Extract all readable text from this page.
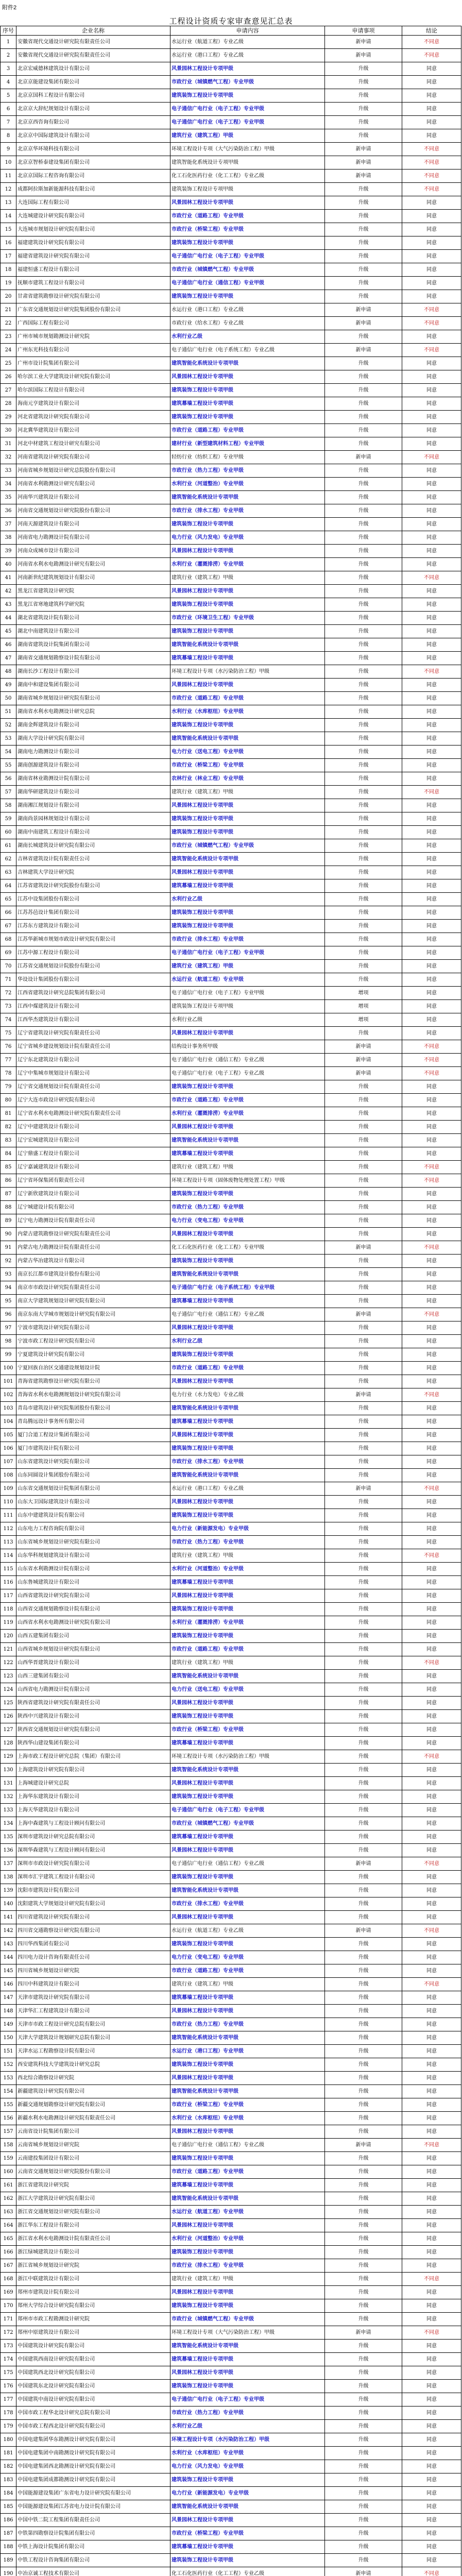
附件2
工程设计资质专家审查意见汇总表
序号	企业名称	申请内容	申请事项	结论
1	安徽省现代交通设计研究院有限责任公司	水运行业（航道工程）专业乙级	新申请	不同意
2	安徽省现代交通设计研究院有限责任公司	水运行业（港口工程）专业乙级	新申请	不同意
3	北京宏威德林建筑设计有限公司	风景园林工程设计专项甲级	升级	同意
4	北京京能建设集团有限公司	市政行业（城镇燃气工程）专业甲级	升级	同意
5	北京京国科工程设计有限公司	建筑装饰工程设计专项甲级	升级	同意
6	北京京大辞纪规划设计有限公司	电子通信广电行业（电子工程）专业甲级	升级	同意
7	北京京西咨询有限公司	电子通信广电行业（电子工程）专业甲级	升级	同意
8	北京京中国际建筑设计有限公司	建筑行业（建筑工程）甲级	升级	同意
9	北京京华环境科技有限公司	环境工程设计专项（大气污染防治工程）甲级	新申请	不同意
10	北京京智桥泰建设集团有限公司	建筑智能化系统设计专项甲级	新申请	不同意
11	北京京国际工程咨询有限公司	化工石化医药行业（化工工程）专业乙级	新申请	不同意
12	成都阿拉斯加新能源科技有限公司	建筑装饰工程设计专项甲级	升级	不同意
13	大连国际工程有限公司	风景园林工程设计专项甲级	升级	同意
14	大连城建设计研究院有限公司	市政行业（道路工程）专业甲级	升级	同意
15	大连城市规划设计研究院有限公司	市政行业（桥梁工程）专业甲级	升级	同意
16	福建建筑设计研究院有限公司	建筑装饰工程设计专项甲级	升级	同意
17	福建省建筑设计研究院有限公司	电子通信广电行业（电子工程）专业甲级	升级	同意
18	福建恒盛工程设计有限公司	市政行业（城镇燃气工程）专业甲级	升级	同意
19	抚顺市建筑工程设计有限公司	电子通信广电行业（通信工程）专业甲级	升级	同意
20	甘肃省建筑勘察设计研究院有限公司	建筑装饰工程设计专项甲级	升级	同意
21	广东省交通规划设计研究院集团股份有限公司	水运行业（港口工程）专业乙级	新申请	不同意
22	广西国际工程有限公司	市政行业（给水工程）专业乙级	新申请	不同意
23	广州市城市规划勘测设计研究院	水利行业乙级	升级	同意
24	广州东光科技有限公司	电子通信广电行业（电子系统工程）专业乙级	新申请	不同意
25	广州市设计院集团有限公司	建筑智能化系统设计专项甲级	升级	同意
26	哈尔滨工业大学建筑设计研究院有限公司	风景园林工程设计专项甲级	升级	同意
27	哈尔滨国际工程设计有限公司	建筑装饰工程设计专项甲级	升级	同意
28	海南元亨建筑设计有限公司	建筑幕墙工程设计专项甲级	升级	同意
29	河北省建筑设计研究院有限公司	建筑装饰工程设计专项甲级	升级	同意
30	河北冀华建筑设计有限公司	市政行业（道路工程）专业甲级	升级	同意
31	河北中材建筑工程设计研究有限公司	建材行业（新型建筑材料工程）专业甲级	升级	同意
32	河南省建筑设计研究院有限公司	轻纺行业（纺织工程）专业甲级	新申请	不同意
33	河南省城乡规划设计研究总院股份有限公司	市政行业（热力工程）专业甲级	升级	同意
34	河南省水利勘测设计研究有限公司	水利行业（河道整治）专业甲级	升级	同意
35	河南华兴建筑设计有限公司	建筑智能化系统设计专项甲级	升级	同意
36	河南省交通规划设计研究院股份有限公司	市政行业（排水工程）专业甲级	升级	同意
37	河南天源建筑设计有限公司	建筑装饰工程设计专项甲级	升级	同意
38	河南省电力勘测设计院有限公司	电力行业（风力发电）专业甲级	升级	同意
39	河南众成城市设计有限公司	风景园林工程设计专项甲级	升级	同意
40	河南省水利水电勘测设计研究有限公司	水利行业（灌溉排涝）专业甲级	升级	同意
41	河南新世纪建筑规划设计有限公司	建筑行业（建筑工程）甲级	升级	不同意
42	黑龙江省建筑设计研究院	风景园林工程设计专项甲级	升级	同意
43	黑龙江省寒地建筑科学研究院	建筑装饰工程设计专项甲级	升级	同意
44	湖北省建筑设计院有限公司	市政行业（环境卫生工程）专业甲级	升级	同意
45	湖北中南建筑设计有限公司	建筑装饰工程设计专项甲级	升级	同意
46	湖南省建筑设计院集团有限公司	建筑智能化系统设计专项甲级	升级	同意
47	湖南省交通规划勘察设计院有限公司	建筑幕墙工程设计专项甲级	升级	同意
48	湖南长沙工程设计有限公司	环境工程设计专项（水污染防治工程）甲级	升级	不同意
49	湖南中和建设集团有限公司	风景园林工程设计专项甲级	升级	同意
50	湖南省城乡规划设计研究院有限公司	市政行业（道路工程）专业甲级	升级	同意
51	湖南省水利水电勘测设计研究总院	水利行业（水库枢纽）专业甲级	升级	同意
52	湖南金辉建筑设计有限公司	建筑装饰工程设计专项甲级	升级	同意
53	湖南大学设计研究院有限公司	建筑智能化系统设计专项甲级	升级	同意
54	湖南电力勘测设计有限公司	电力行业（送电工程）专业甲级	升级	同意
55	湖南创源建筑设计有限公司	市政行业（桥梁工程）专业甲级	升级	同意
56	湖南省林业勘测设计院有限公司	农林行业（林业工程）专业甲级	升级	同意
57	湖南华研建筑设计有限公司	建筑行业（建筑工程）甲级	升级	不同意
58	湖南湘江规划设计有限公司	风景园林工程设计专项甲级	升级	同意
59	湖南尚景园林规划设计有限公司	建筑装饰工程设计专项甲级	升级	同意
60	湖南中南建筑工程设计有限公司	建筑装饰工程设计专项甲级	升级	同意
61	湖南长城建筑设计研究院有限公司	市政行业（城镇燃气工程）专业甲级	升级	同意
62	吉林省建筑设计院有限责任公司	建筑智能化系统设计专项甲级	升级	同意
63	吉林建筑大学设计研究院	风景园林工程设计专项甲级	升级	同意
64	江苏省建筑设计研究院股份有限公司	建筑幕墙工程设计专项甲级	升级	同意
65	江苏中设集团股份有限公司	水利行业乙级	升级	同意
66	江苏苏邑设计集团有限公司	建筑装饰工程设计专项甲级	升级	同意
67	江苏东方建筑设计有限公司	建筑装饰工程设计专项甲级	升级	同意
68	江苏华新城市规划市政设计研究院有限公司	市政行业（排水工程）专业甲级	升级	同意
69	江苏中源工程设计有限公司	电子通信广电行业（电子工程）专业甲级	升级	同意
70	江苏省交通规划设计院股份有限公司	建筑行业（建筑工程）甲级	升级	同意
71	华设设计集团股份有限公司	水运行业（航道工程）专业甲级	升级	同意
72	江西省建筑设计研究总院集团有限公司	电子通信广电行业（电子工程）专业甲级	增项	同意
73	江西中煤建筑设计有限公司	建筑装饰工程设计专项甲级	增项	同意
74	江西华杰建筑设计有限公司	水利行业乙级	增项	同意
75	辽宁省建筑设计研究院有限责任公司	风景园林工程设计专项甲级	升级	同意
76	辽宁省城乡建设规划设计院有限责任公司	结构设计事务所甲级	新申请	不同意
77	辽宁东北建筑设计有限公司	电子通信广电行业（通信工程）专业乙级	新申请	不同意
78	辽宁中集城市规划设计有限公司	电子通信广电行业（电子工程）专业乙级	新申请	不同意
79	辽宁省交通规划设计院有限责任公司	建筑装饰工程设计专项甲级	升级	同意
80	辽宁大连市政设计研究院有限公司	市政行业（道路工程）专业甲级	升级	同意
81	辽宁省水利水电勘测设计研究院有限责任公司	水利行业（灌溉排涝）专业甲级	升级	同意
82	辽宁中建建筑设计有限公司	风景园林工程设计专项甲级	升级	同意
83	辽宁宏城建筑设计有限公司	建筑智能化系统设计专项甲级	升级	同意
84	辽宁鼎盛工程设计有限公司	建筑幕墙工程设计专项甲级	升级	同意
85	辽宁嘉诚建筑设计有限公司	建筑行业（建筑工程）甲级	升级	不同意
86	辽宁省环保集团有限责任公司	环境工程设计专项（固体废物处理处置工程）甲级	升级	不同意
87	辽宁新欣建筑设计有限公司	建筑装饰工程设计专项甲级	升级	同意
88	辽宁城建设计院有限公司	市政行业（热力工程）专业甲级	升级	同意
89	辽宁电力勘测设计院有限责任公司	电力行业（变电工程）专业甲级	升级	同意
90	内蒙古建筑勘察设计研究院有限责任公司	风景园林工程设计专项甲级	升级	同意
91	内蒙古电力勘测设计院有限责任公司	化工石化医药行业（化工工程）专业甲级	新申请	不同意
92	内蒙古华冶建筑设计有限公司	建筑装饰工程设计专项甲级	升级	同意
93	南京长江都市建筑设计股份有限公司	建筑智能化系统设计专项甲级	升级	同意
94	南京市市政设计研究院有限责任公司	电子通信广电行业（电子系统工程）专业甲级	升级	同意
95	南京大学建筑规划设计研究院有限公司	建筑幕墙工程设计专项甲级	升级	同意
96	南京东南大学城市规划设计研究院有限公司	电子通信广电行业（通信工程）专业乙级	新申请	不同意
97	宁波市建筑设计研究院有限公司	风景园林工程设计专项甲级	升级	同意
98	宁波市政工程设计研究院有限公司	水利行业乙级	升级	同意
99	宁夏建筑设计研究院有限公司	建筑装饰工程设计专项甲级	升级	同意
100	宁夏回族自治区交通建设规划设计院	市政行业（道路工程）专业甲级	升级	同意
101	青海省建筑勘察设计研究院有限公司	风景园林工程设计专项甲级	升级	同意
102	青海省水利水电勘测规划设计研究院有限公司	电力行业（水力发电）专业乙级	新申请	不同意
103	青岛市建筑设计研究院集团股份有限公司	建筑智能化系统设计专项甲级	升级	同意
104	青岛腾远设计事务所有限公司	建筑幕墙工程设计专项甲级	升级	同意
105	厦门合道工程设计集团有限公司	风景园林工程设计专项甲级	升级	同意
106	厦门市建筑设计院有限公司	建筑装饰工程设计专项甲级	升级	同意
107	山东省建筑设计研究院有限公司	市政行业（排水工程）专业甲级	升级	同意
108	山东同圆设计集团股份有限公司	建筑智能化系统设计专项甲级	升级	同意
109	山东省交通规划设计院集团有限公司	水运行业（港口工程）专业乙级	新申请	不同意
110	山东大卫国际建筑设计有限公司	风景园林工程设计专项甲级	升级	同意
111	山东中建建筑设计院有限公司	建筑装饰工程设计专项甲级	升级	同意
112	山东电力工程咨询院有限公司	电力行业（新能源发电）专业甲级	升级	同意
113	山东省城乡规划设计研究院有限公司	市政行业（热力工程）专业甲级	升级	同意
114	山东华科规划建筑设计有限公司	建筑行业（建筑工程）甲级	升级	不同意
115	山东省水利勘测设计院有限公司	水利行业（河道整治）专业甲级	升级	同意
116	山东鲁城建筑设计有限公司	建筑幕墙工程设计专项甲级	升级	同意
117	山西省建筑设计研究院有限公司	风景园林工程设计专项甲级	升级	同意
118	山西省交通规划勘察设计院有限公司	建筑装饰工程设计专项甲级	升级	同意
119	山西省水利水电勘测设计研究院有限公司	水利行业（灌溉排涝）专业甲级	升级	同意
120	山西五建集团有限公司	建筑装饰工程设计专项甲级	升级	同意
121	山西省城乡规划设计研究院有限公司	市政行业（道路工程）专业甲级	升级	同意
122	山西华晋建筑设计有限公司	建筑行业（建筑工程）甲级	升级	不同意
123	山西三建集团有限公司	建筑智能化系统设计专项甲级	升级	同意
124	山西省电力勘测设计院有限公司	电力行业（送电工程）专业甲级	升级	同意
125	陕西省建筑设计研究院有限责任公司	风景园林工程设计专项甲级	升级	同意
126	陕西中兴建筑设计有限公司	建筑装饰工程设计专项甲级	升级	同意
127	陕西省交通规划设计研究院有限公司	市政行业（桥梁工程）专业甲级	升级	同意
128	陕西华山建设集团有限公司	建筑幕墙工程设计专项甲级	升级	同意
129	上海市政工程设计研究总院（集团）有限公司	环境工程设计专项（水污染防治工程）甲级	升级	不同意
130	上海建筑设计研究院有限公司	建筑智能化系统设计专项甲级	升级	同意
131	上海城建设计研究总院	风景园林工程设计专项甲级	升级	同意
132	上海华东建筑设计有限公司	建筑装饰工程设计专项甲级	升级	同意
133	上海天华建筑设计有限公司	电子通信广电行业（电子工程）专业甲级	升级	同意
134	上海中森建筑与工程设计顾问有限公司	市政行业（城镇燃气工程）专业甲级	升级	同意
135	深圳市建筑设计研究总院有限公司	建筑幕墙工程设计专项甲级	升级	同意
136	深圳华森建筑与工程设计顾问有限公司	风景园林工程设计专项甲级	升级	同意
137	深圳市市政设计研究院有限公司	电子通信广电行业（通信工程）专业乙级	新申请	不同意
138	深圳市汇宇建筑工程设计有限公司	建筑装饰工程设计专项甲级	升级	同意
139	沈阳市建筑设计院有限公司	建筑智能化系统设计专项甲级	升级	同意
140	沈阳建筑大学规划设计研究院有限公司	市政行业（排水工程）专业甲级	升级	同意
141	四川省建筑设计研究院有限公司	风景园林工程设计专项甲级	升级	同意
142	四川省交通勘察设计研究院有限公司	水运行业（航道工程）专业乙级	新申请	不同意
143	四川华西集团有限公司	建筑装饰工程设计专项甲级	升级	同意
144	四川电力设计咨询有限责任公司	电力行业（变电工程）专业甲级	升级	同意
145	四川省城乡规划设计研究院	市政行业（道路工程）专业甲级	升级	同意
146	四川中科建筑设计有限公司	建筑行业（建筑工程）甲级	升级	不同意
147	天津市建筑设计研究院有限公司	建筑幕墙工程设计专项甲级	升级	同意
148	天津华汇工程建筑设计有限公司	风景园林工程设计专项甲级	升级	同意
149	天津市市政工程设计研究总院有限公司	市政行业（热力工程）专业甲级	升级	同意
150	天津大学建筑设计规划研究总院有限公司	建筑智能化系统设计专项甲级	升级	同意
151	天津水运工程勘察设计院有限公司	水运行业（港口工程）专业甲级	升级	同意
152	西安建筑科技大学建筑设计研究总院	建筑装饰工程设计专项甲级	升级	同意
153	西北综合勘察设计研究院	风景园林工程设计专项甲级	升级	同意
154	新疆建筑设计研究院有限公司	建筑智能化系统设计专项甲级	升级	同意
155	新疆交通规划勘察设计研究院有限公司	市政行业（桥梁工程）专业甲级	升级	同意
156	新疆水利水电勘测设计研究院有限责任公司	水利行业（水库枢纽）专业甲级	升级	同意
157	云南省设计院集团有限公司	风景园林工程设计专项甲级	升级	同意
158	云南省城乡规划设计研究院	电子通信广电行业（通信工程）专业乙级	新申请	不同意
159	云南建投集团设计有限公司	建筑装饰工程设计专项甲级	升级	同意
160	云南省交通规划设计研究院股份有限公司	市政行业（道路工程）专业甲级	升级	同意
161	浙江省建筑设计研究院	建筑幕墙工程设计专项甲级	升级	同意
162	浙江大学建筑设计研究院有限公司	建筑智能化系统设计专项甲级	升级	同意
163	浙江省交通规划设计研究院有限公司	水运行业（航道工程）专业甲级	升级	同意
164	浙江华东工程设计有限公司	风景园林工程设计专项甲级	升级	同意
165	浙江省水利水电勘测设计院有限责任公司	水利行业（河道整治）专业甲级	升级	同意
166	浙江绿城建筑设计有限公司	建筑装饰工程设计专项甲级	升级	同意
167	浙江省城乡规划设计研究院	市政行业（排水工程）专业甲级	升级	同意
168	浙江中联建筑设计有限公司	建筑行业（建筑工程）甲级	升级	不同意
169	郑州市建筑设计院有限公司	风景园林工程设计专项甲级	升级	同意
170	郑州大学综合设计研究院有限公司	建筑装饰工程设计专项甲级	升级	同意
171	郑州市市政工程勘测设计研究院	市政行业（城镇燃气工程）专业甲级	升级	同意
172	郑州中原建筑设计有限公司	环境工程设计专项（大气污染防治工程）甲级	新申请	不同意
173	中国建筑设计研究院有限公司	建筑智能化系统设计专项甲级	升级	同意
174	中国建筑西南设计研究院有限公司	建筑幕墙工程设计专项甲级	升级	同意
175	中国建筑西北设计研究院有限公司	风景园林工程设计专项甲级	升级	同意
176	中国建筑东北设计研究院有限公司	建筑装饰工程设计专项甲级	升级	同意
177	中国建筑中南设计研究院有限公司	电子通信广电行业（电子工程）专业甲级	升级	同意
178	中国市政工程华北设计研究总院有限公司	市政行业（热力工程）专业甲级	升级	同意
179	中国市政工程西北设计研究院有限公司	水利行业乙级	升级	同意
180	中国电建集团华东勘测设计研究院有限公司	环境工程设计专项（水污染防治工程）甲级	升级	同意
181	中国电建集团中南勘测设计研究院有限公司	水利行业（水库枢纽）专业甲级	升级	同意
182	中国电建集团西北勘测设计研究院有限公司	电力行业（风力发电）专业甲级	升级	同意
183	中国电建集团成都勘测设计研究院有限公司	建筑装饰工程设计专项甲级	升级	同意
184	中国能源建设集团广东省电力设计研究院有限公司	电力行业（新能源发电）专业甲级	升级	同意
185	中国能源建设集团江苏省电力设计院有限公司	建筑智能化系统设计专项甲级	升级	同意
186	中国中铁二院工程集团有限责任公司	风景园林工程设计专项甲级	升级	同意
187	中铁第四勘察设计院集团有限公司	市政行业（桥梁工程）专业甲级	升级	同意
188	中铁上海设计院集团有限公司	建筑幕墙工程设计专项甲级	升级	同意
189	中铁工程设计咨询集团有限公司	建筑装饰工程设计专项甲级	升级	同意
190	中冶京诚工程技术有限公司	化工石化医药行业（化工工程）专业乙级	新申请	不同意
